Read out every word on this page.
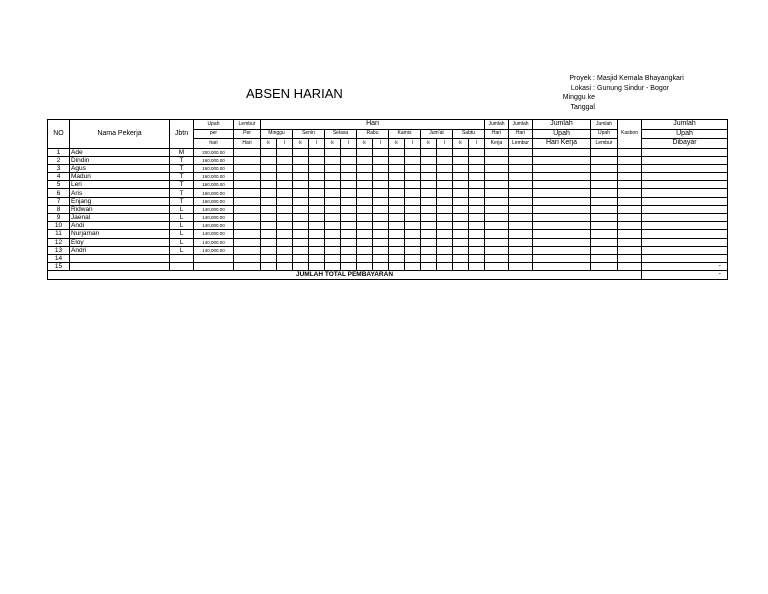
ABSEN HARIAN
Proyek :
Lokasi :
Minggu ke
Tanggal
Masjid Kemala Bhayangkari
Gunung Sindur - Bogor
NO	Nama Pekerja	Jbtn	Upah	Lembur	Hari														Jumlah	Jumlah	Jumlah	Jumlah	Kasbon	Jumlah
			per	Per	Minggu		Senin		Selasa		Rabu		Kamis		Jum'at		Sabtu		Hari	Hari	Upah	Upah		Upah
			hari	Hari	k	l	k	l	k	l	k	l	k	l	k	l	k	l	Kerja	Lembur	Hari Kerja	Lembur		Dibayar
1	Ade	M	200,000.00																					
2	Dindin	T	160,000.00																					
3	Agus	T	160,000.00																					
4	Madun	T	160,000.00																					
5	Leri	T	160,000.00																					
6	Aris	T	160,000.00																					
7	Enjang	T	160,000.00																					
8	Ridwan	L	140,000.00																					
9	Jaenal	L	140,000.00																					
10	Andi	L	140,000.00																					
11	Nurjaman	L	140,000.00																					
12	Eloy	L	140,000.00																					
13	Andri	L	140,000.00																					
14																								
15																								-
JUMLAH TOTAL PEMBAYARAN																								-
